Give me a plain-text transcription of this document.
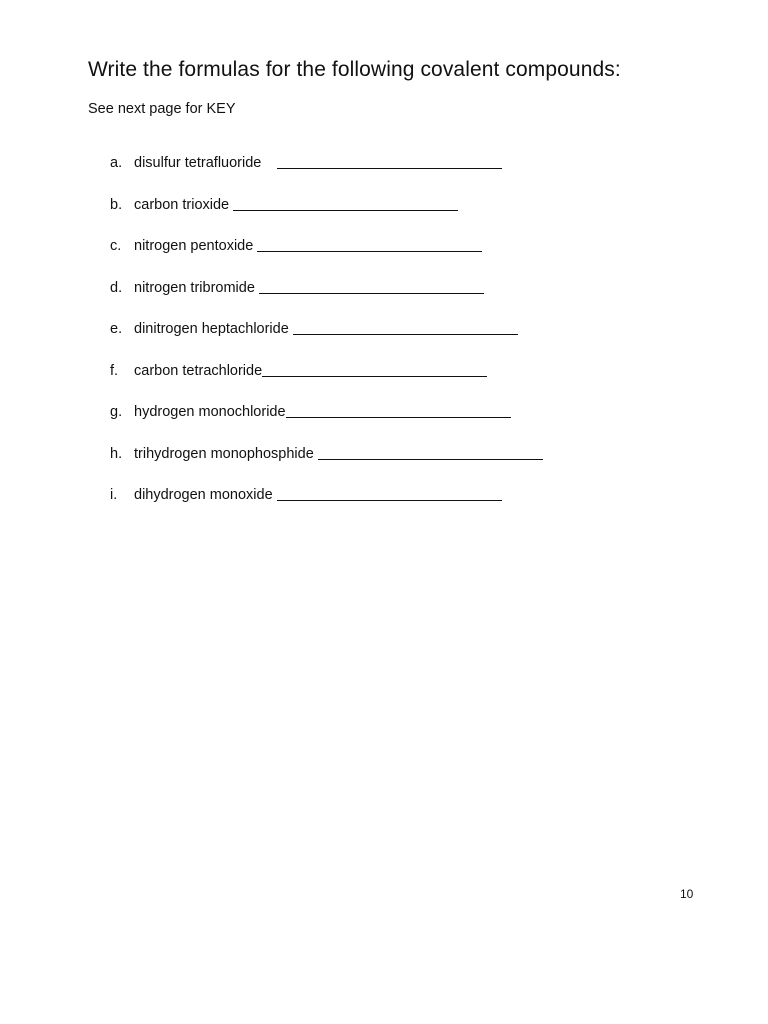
Write the formulas for the following covalent compounds:
See next page for KEY
a. disulfur tetrafluoride
b. carbon trioxide
c. nitrogen pentoxide
d. nitrogen tribromide
e. dinitrogen heptachloride
f.	carbon tetrachloride
g. hydrogen monochloride
h. trihydrogen monophosphide
i.	dihydrogen monoxide
10
